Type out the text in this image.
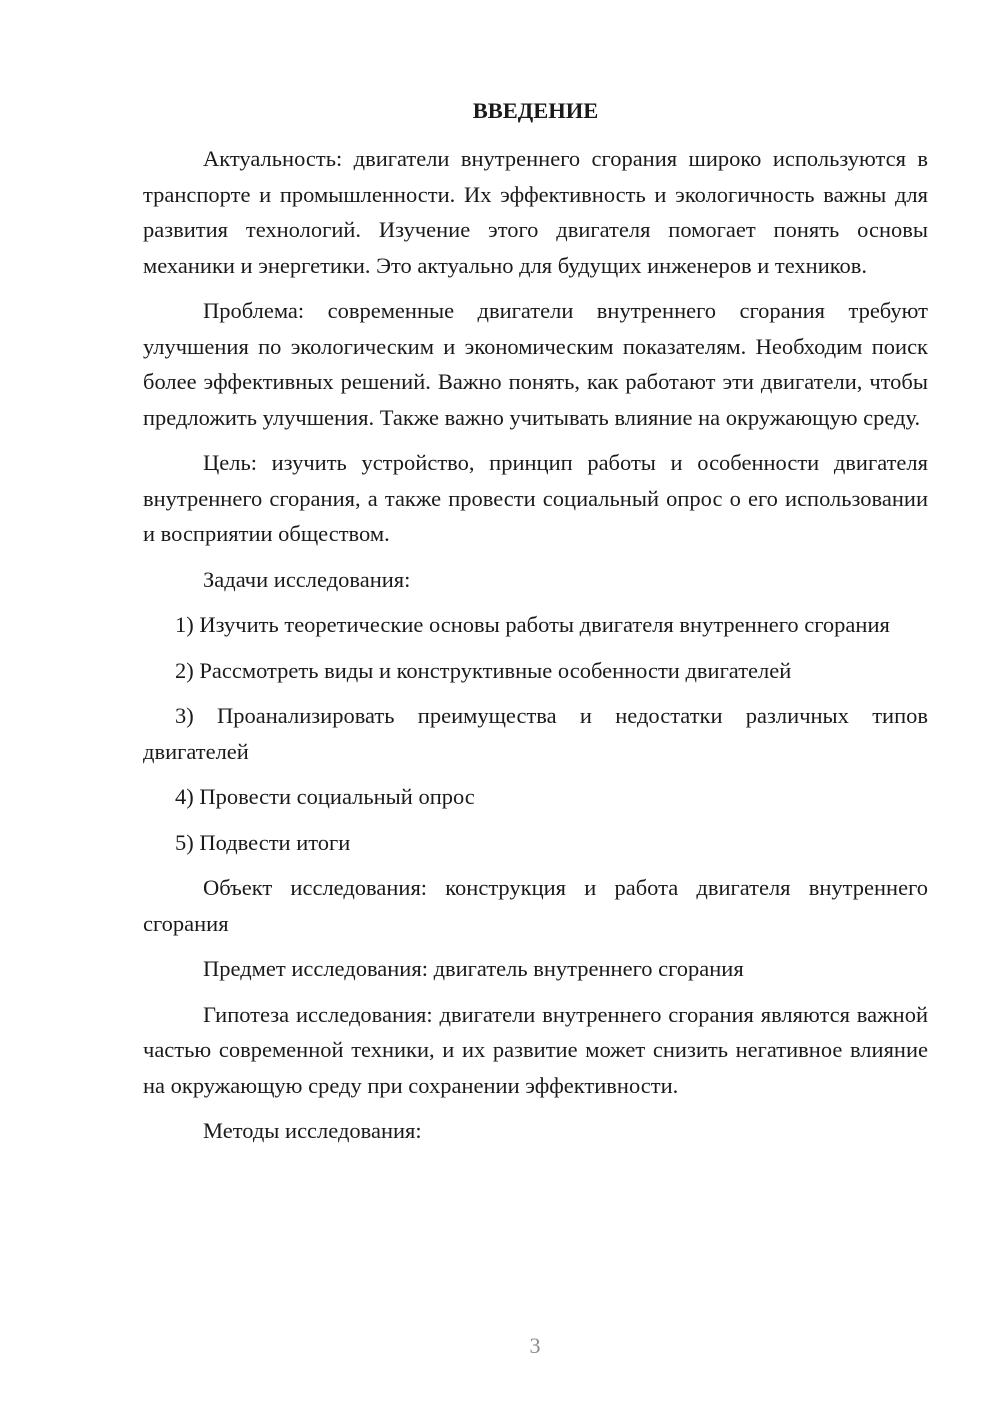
ВВЕДЕНИЕ

Актуальность: двигатели внутреннего сгорания широко используются в транспорте и промышленности. Их эффективность и экологичность важны для развития технологий. Изучение этого двигателя помогает понять основы механики и энергетики. Это актуально для будущих инженеров и техников.

Проблема: современные двигатели внутреннего сгорания требуют улучшения по экологическим и экономическим показателям. Необходим поиск более эффективных решений. Важно понять, как работают эти двигатели, чтобы предложить улучшения. Также важно учитывать влияние на окружающую среду.

Цель: изучить устройство, принцип работы и особенности двигателя внутреннего сгорания, а также провести социальный опрос о его использовании и восприятии обществом.

Задачи исследования:

1) Изучить теоретические основы работы двигателя внутреннего сгорания

2) Рассмотреть виды и конструктивные особенности двигателей

3) Проанализировать преимущества и недостатки различных типов двигателей

4) Провести социальный опрос

5) Подвести итоги

Объект исследования: конструкция и работа двигателя внутреннего сгорания

Предмет исследования: двигатель внутреннего сгорания

Гипотеза исследования: двигатели внутреннего сгорания являются важной частью современной техники, и их развитие может снизить негативное влияние на окружающую среду при сохранении эффективности.

Методы исследования:

3
